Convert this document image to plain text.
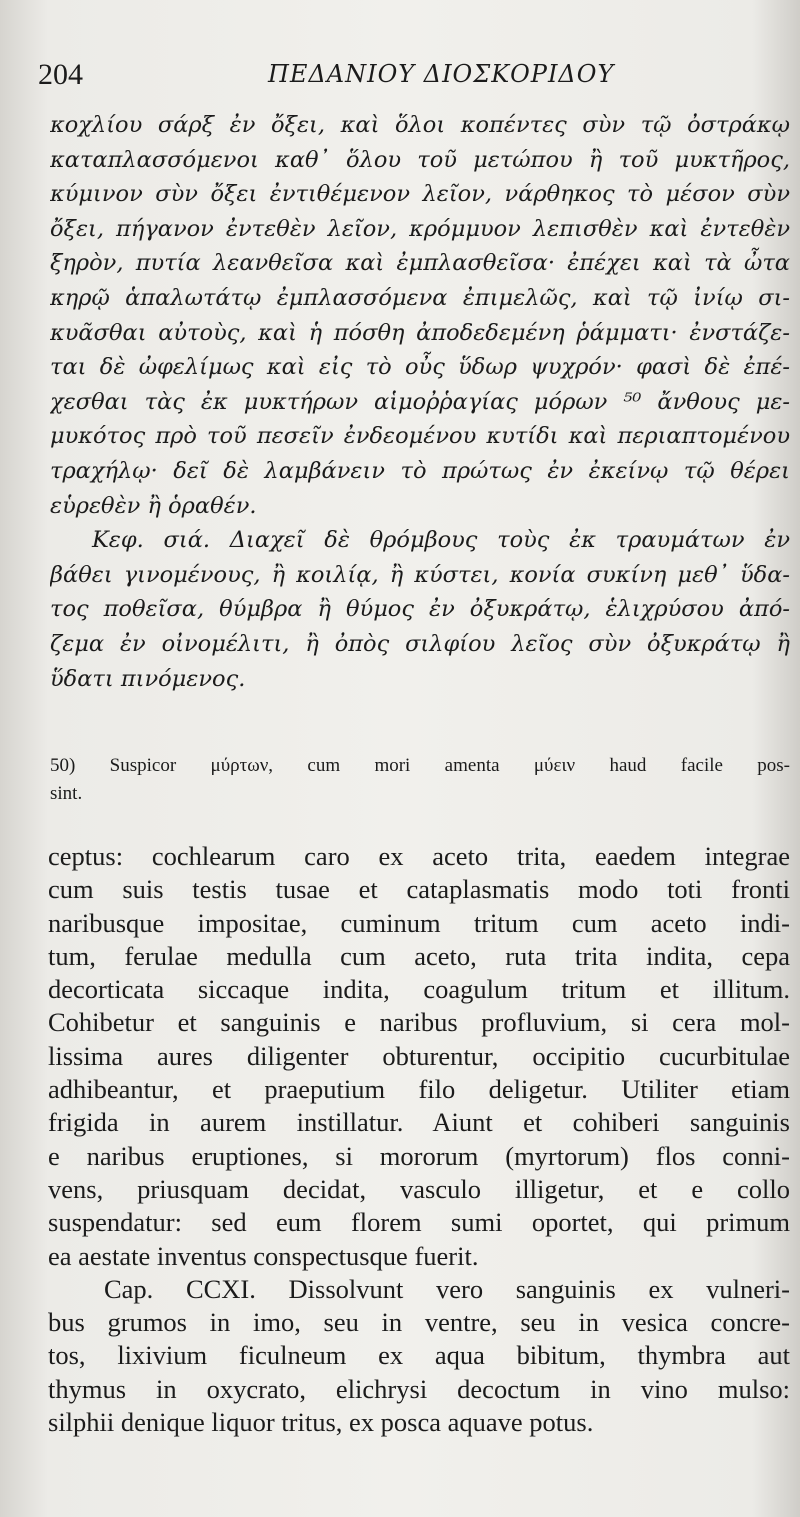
204	ΠΕΔΑΝΙΟΥ ΔΙΟΣΚΟΡΙΔΟΥ
κοχλίου σάρξ ἐν ὄξει, καὶ ὅλοι κοπέντες σὺν τῷ ὀστράκῳ
καταπλασσόμενοι καθ᾽ ὅλου τοῦ μετώπου ἢ τοῦ μυκτῆρος,
κύμινον σὺν ὄξει ἐντιθέμενον λεῖον, νάρθηκος τὸ μέσον σὺν
ὄξει, πήγανον ἐντεθὲν λεῖον, κρόμμυον λεπισθὲν καὶ ἐντεθὲν
ξηρὸν, πυτία λεανθεῖσα καὶ ἐμπλασθεῖσα· ἐπέχει καὶ τὰ ὦτα
κηρῷ ἁπαλωτάτῳ ἐμπλασσόμενα ἐπιμελῶς, καὶ τῷ ἰνίῳ σι-
κυᾶσθαι αὐτοὺς, καὶ ἡ πόσθη ἀποδεδεμένη ῥάμματι· ἐνστάζε-
ται δὲ ὠφελίμως καὶ εἰς τὸ οὖς ὕδωρ ψυχρόν· φασὶ δὲ ἐπέ-
χεσθαι τὰς ἐκ μυκτήρων αἱμοῤῥαγίας μόρων ⁵⁰ ἄνθους με-
μυκότος πρὸ τοῦ πεσεῖν ἐνδεομένου κυτίδι καὶ περιαπτομένου
τραχήλῳ· δεῖ δὲ λαμβάνειν τὸ πρώτως ἐν ἐκείνῳ τῷ θέρει
εὑρεθὲν ἢ ὁραθέν.
Κεφ. σιά. Διαχεῖ δὲ θρόμβους τοὺς ἐκ τραυμάτων ἐν
βάθει γινομένους, ἢ κοιλίᾳ, ἢ κύστει, κονία συκίνη μεθ᾽ ὕδα-
τος ποθεῖσα, θύμβρα ἢ θύμος ἐν ὀξυκράτῳ, ἑλιχρύσου ἀπό-
ζεμα ἐν οἰνομέλιτι, ἢ ὀπὸς σιλφίου λεῖος σὺν ὀξυκράτῳ ἢ
ὕδατι πινόμενος.
50) Suspicor μύρτων, cum mori amenta μύειν haud facile pos-
sint.
ceptus: cochlearum caro ex aceto trita, eaedem integrae
cum suis testis tusae et cataplasmatis modo toti fronti
naribusque impositae, cuminum tritum cum aceto indi-
tum, ferulae medulla cum aceto, ruta trita indita, cepa
decorticata siccaque indita, coagulum tritum et illitum.
Cohibetur et sanguinis e naribus profluvium, si cera mol-
lissima aures diligenter obturentur, occipitio cucurbitulae
adhibeantur, et praeputium filo deligetur. Utiliter etiam
frigida in aurem instillatur. Aiunt et cohiberi sanguinis
e naribus eruptiones, si mororum (myrtorum) flos conni-
vens, priusquam decidat, vasculo illigetur, et e collo
suspendatur: sed eum florem sumi oportet, qui primum
ea aestate inventus conspectusque fuerit.
Cap. CCXI. Dissolvunt vero sanguinis ex vulneri-
bus grumos in imo, seu in ventre, seu in vesica concre-
tos, lixivium ficulneum ex aqua bibitum, thymbra aut
thymus in oxycrato, elichrysi decoctum in vino mulso:
silphii denique liquor tritus, ex posca aquave potus.
